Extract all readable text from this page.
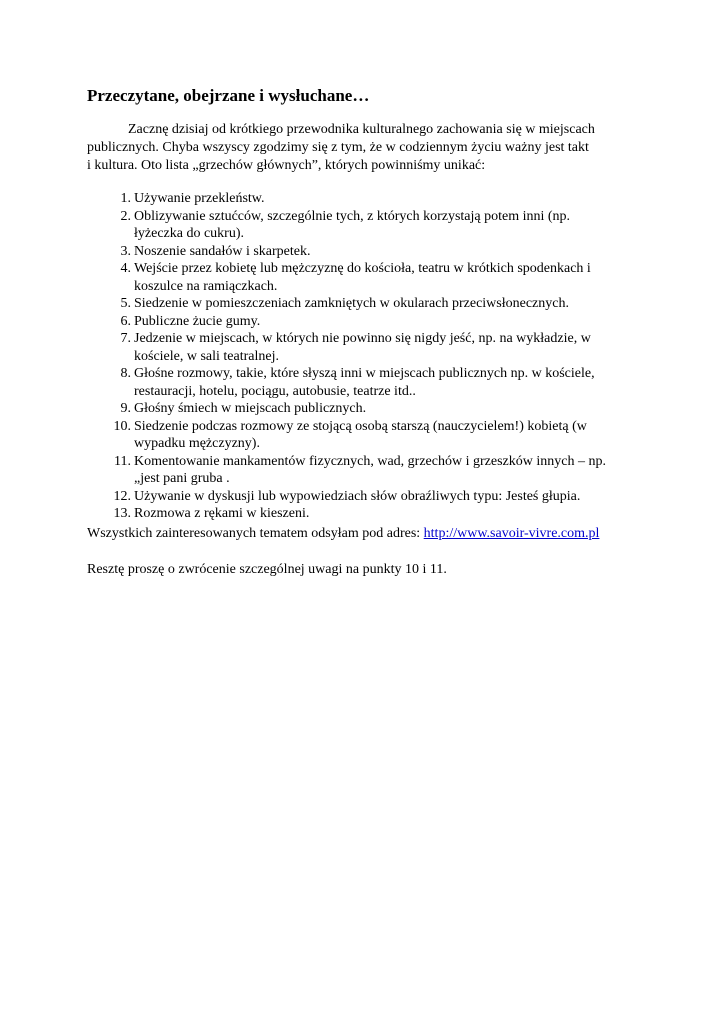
Przeczytane, obejrzane i wysłuchane…
Zacznę dzisiaj od krótkiego przewodnika kulturalnego zachowania się w miejscach
publicznych. Chyba wszyscy zgodzimy się z tym, że w codziennym życiu ważny jest takt
i kultura. Oto lista „grzechów głównych”, których powinniśmy unikać:
1. Używanie przekleństw.
2. Oblizywanie sztućców, szczególnie tych, z których korzystają potem inni (np.
łyżeczka do cukru).
3. Noszenie sandałów i skarpetek.
4. Wejście przez kobietę lub mężczyznę do kościoła, teatru w krótkich spodenkach i
koszulce na ramiączkach.
5. Siedzenie w pomieszczeniach zamkniętych w okularach przeciwsłonecznych.
6. Publiczne żucie gumy.
7. Jedzenie w miejscach, w których nie powinno się nigdy jeść, np. na wykładzie, w
kościele, w sali teatralnej.
8. Głośne rozmowy, takie, które słyszą inni w miejscach publicznych np. w kościele,
restauracji, hotelu, pociągu, autobusie, teatrze itd..
9. Głośny śmiech w miejscach publicznych.
10. Siedzenie podczas rozmowy ze stojącą osobą starszą (nauczycielem!) kobietą (w
wypadku mężczyzny).
11. Komentowanie mankamentów fizycznych, wad, grzechów i grzeszków innych – np.
„jest pani gruba .
12. Używanie w dyskusji lub wypowiedziach słów obraźliwych typu: Jesteś głupia.
13. Rozmowa z rękami w kieszeni.
Wszystkich zainteresowanych tematem odsyłam pod adres: http://www.savoir-vivre.com.pl
Resztę proszę o zwrócenie szczególnej uwagi na punkty 10 i 11.
